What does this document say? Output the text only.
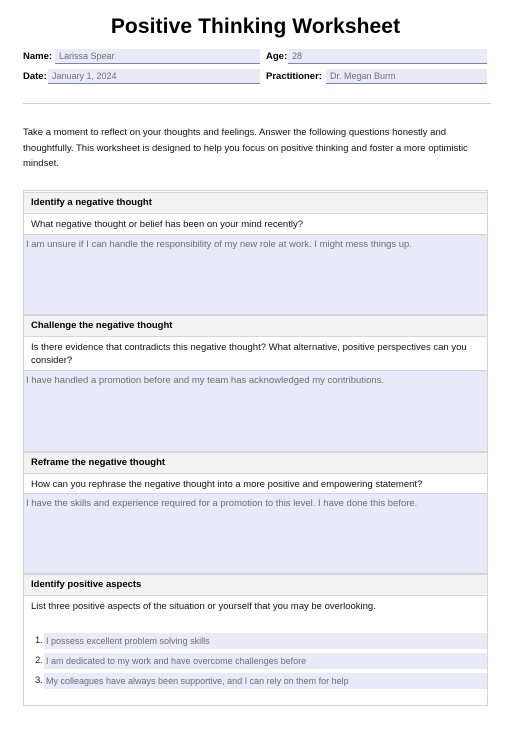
Positive Thinking Worksheet
Name: Larissa Spear	Age: 28
Date: January 1, 2024	Practitioner: Dr. Megan Burm
Take a moment to reflect on your thoughts and feelings. Answer the following questions honestly and thoughtfully. This worksheet is designed to help you focus on positive thinking and foster a more optimistic mindset.
Identify a negative thought
What negative thought or belief has been on your mind recently?
I am unsure if I can handle the responsibility of my new role at work. I might mess things up.
Challenge the negative thought
Is there evidence that contradicts this negative thought? What alternative, positive perspectives can you consider?
I have handled a promotion before and my team has acknowledged my contributions.
Reframe the negative thought
How can you rephrase the negative thought into a more positive and empowering statement?
I have the skills and experience required for a promotion to this level. I have done this before.
Identify positive aspects
List three positive aspects of the situation or yourself that you may be overlooking.
1. I possess excellent problem solving skills
2. I am dedicated to my work and have overcome challenges before
3. My colleagues have always been supportive, and I can rely on them for help
